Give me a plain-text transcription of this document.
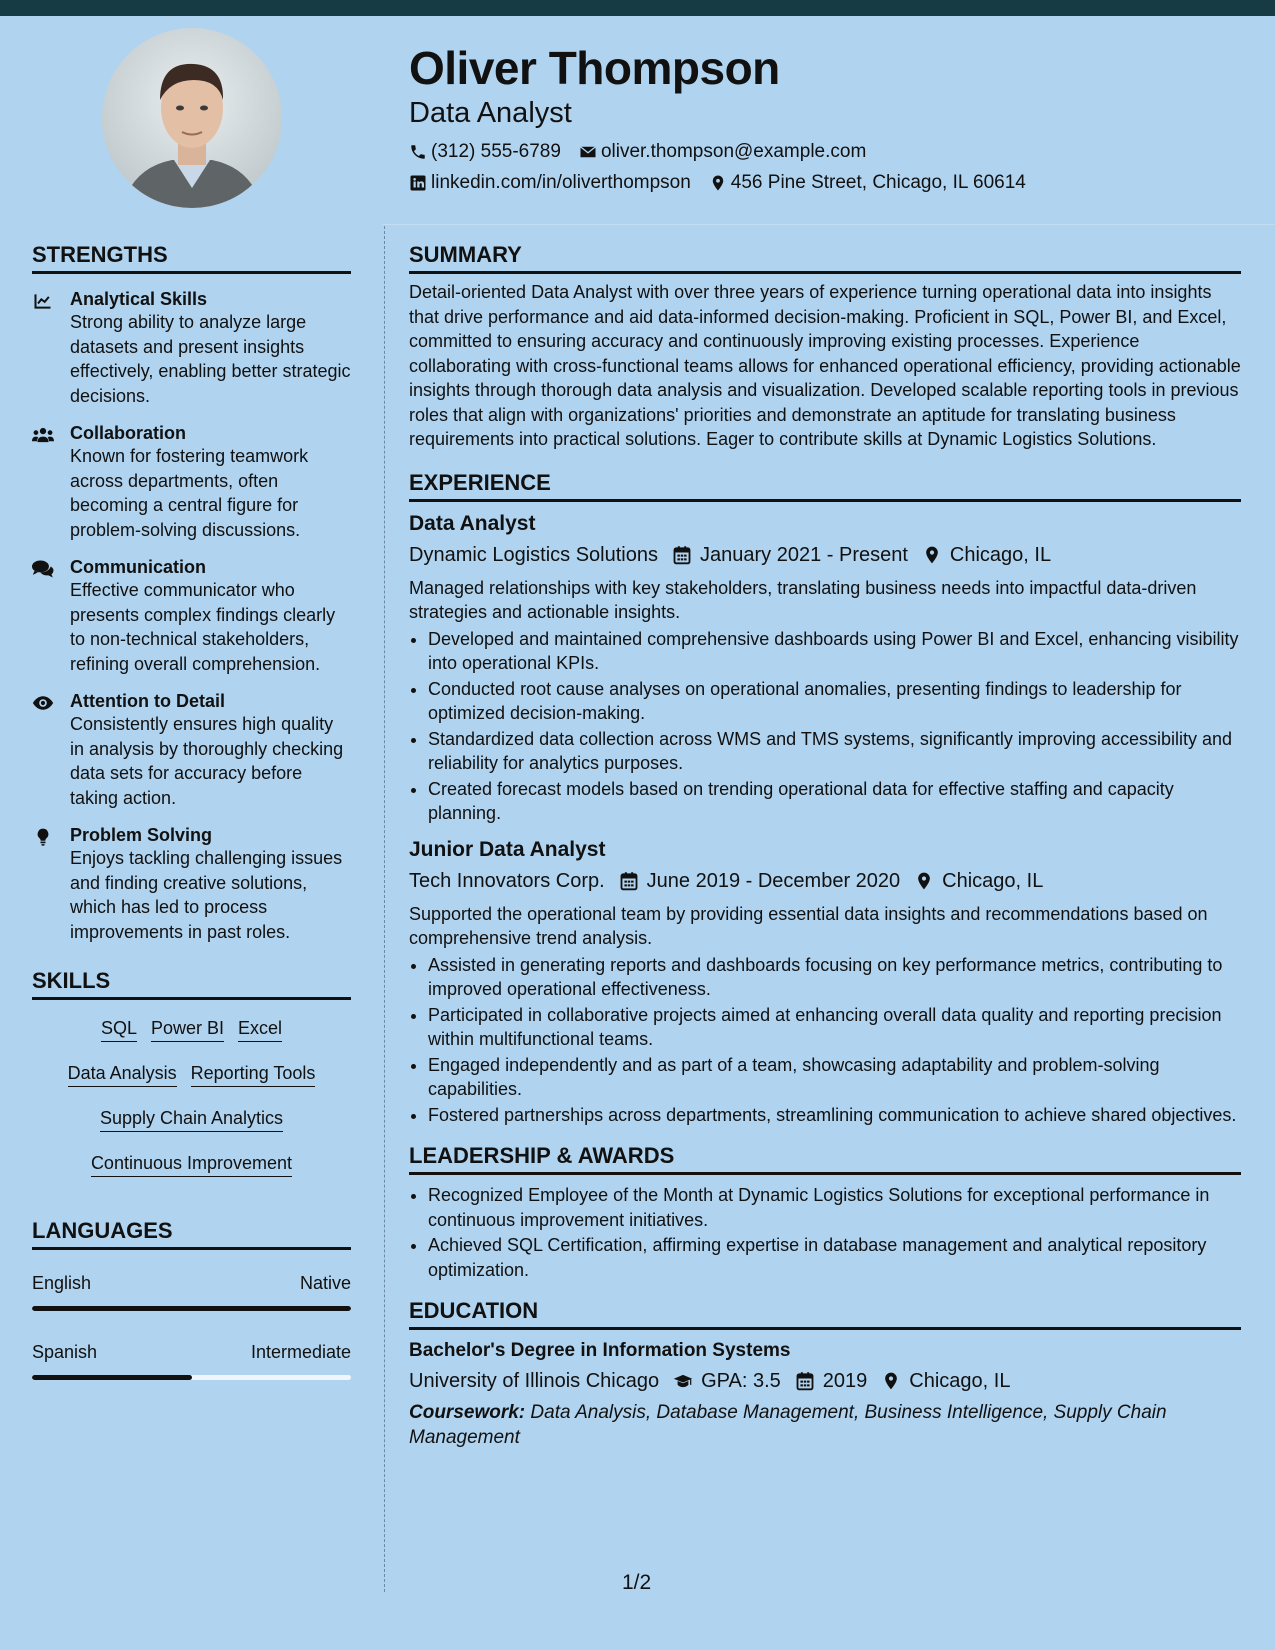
Oliver Thompson
Data Analyst
(312) 555-6789 oliver.thompson@example.com
linkedin.com/in/oliverthompson 456 Pine Street, Chicago, IL 60614
STRENGTHS
Analytical Skills
Strong ability to analyze large datasets and present insights effectively, enabling better strategic decisions.
Collaboration
Known for fostering teamwork across departments, often becoming a central figure for problem-solving discussions.
Communication
Effective communicator who presents complex findings clearly to non-technical stakeholders, refining overall comprehension.
Attention to Detail
Consistently ensures high quality in analysis by thoroughly checking data sets for accuracy before taking action.
Problem Solving
Enjoys tackling challenging issues and finding creative solutions, which has led to process improvements in past roles.
SKILLS
SQL Power BI Excel
Data Analysis Reporting Tools
Supply Chain Analytics
Continuous Improvement
LANGUAGES
English	Native
Spanish	Intermediate
SUMMARY
Detail-oriented Data Analyst with over three years of experience turning operational data into insights that drive performance and aid data-informed decision-making. Proficient in SQL, Power BI, and Excel, committed to ensuring accuracy and continuously improving existing processes. Experience collaborating with cross-functional teams allows for enhanced operational efficiency, providing actionable insights through thorough data analysis and visualization. Developed scalable reporting tools in previous roles that align with organizations' priorities and demonstrate an aptitude for translating business requirements into practical solutions. Eager to contribute skills at Dynamic Logistics Solutions.
EXPERIENCE
Data Analyst
Dynamic Logistics Solutions January 2021 - Present Chicago, IL
Managed relationships with key stakeholders, translating business needs into impactful data-driven strategies and actionable insights.
• Developed and maintained comprehensive dashboards using Power BI and Excel, enhancing visibility into operational KPIs.
• Conducted root cause analyses on operational anomalies, presenting findings to leadership for optimized decision-making.
• Standardized data collection across WMS and TMS systems, significantly improving accessibility and reliability for analytics purposes.
• Created forecast models based on trending operational data for effective staffing and capacity planning.
Junior Data Analyst
Tech Innovators Corp. June 2019 - December 2020 Chicago, IL
Supported the operational team by providing essential data insights and recommendations based on comprehensive trend analysis.
• Assisted in generating reports and dashboards focusing on key performance metrics, contributing to improved operational effectiveness.
• Participated in collaborative projects aimed at enhancing overall data quality and reporting precision within multifunctional teams.
• Engaged independently and as part of a team, showcasing adaptability and problem-solving capabilities.
• Fostered partnerships across departments, streamlining communication to achieve shared objectives.
LEADERSHIP & AWARDS
• Recognized Employee of the Month at Dynamic Logistics Solutions for exceptional performance in continuous improvement initiatives.
• Achieved SQL Certification, affirming expertise in database management and analytical repository optimization.
EDUCATION
Bachelor's Degree in Information Systems
University of Illinois Chicago GPA: 3.5 2019 Chicago, IL
Coursework: Data Analysis, Database Management, Business Intelligence, Supply Chain Management
1/2
